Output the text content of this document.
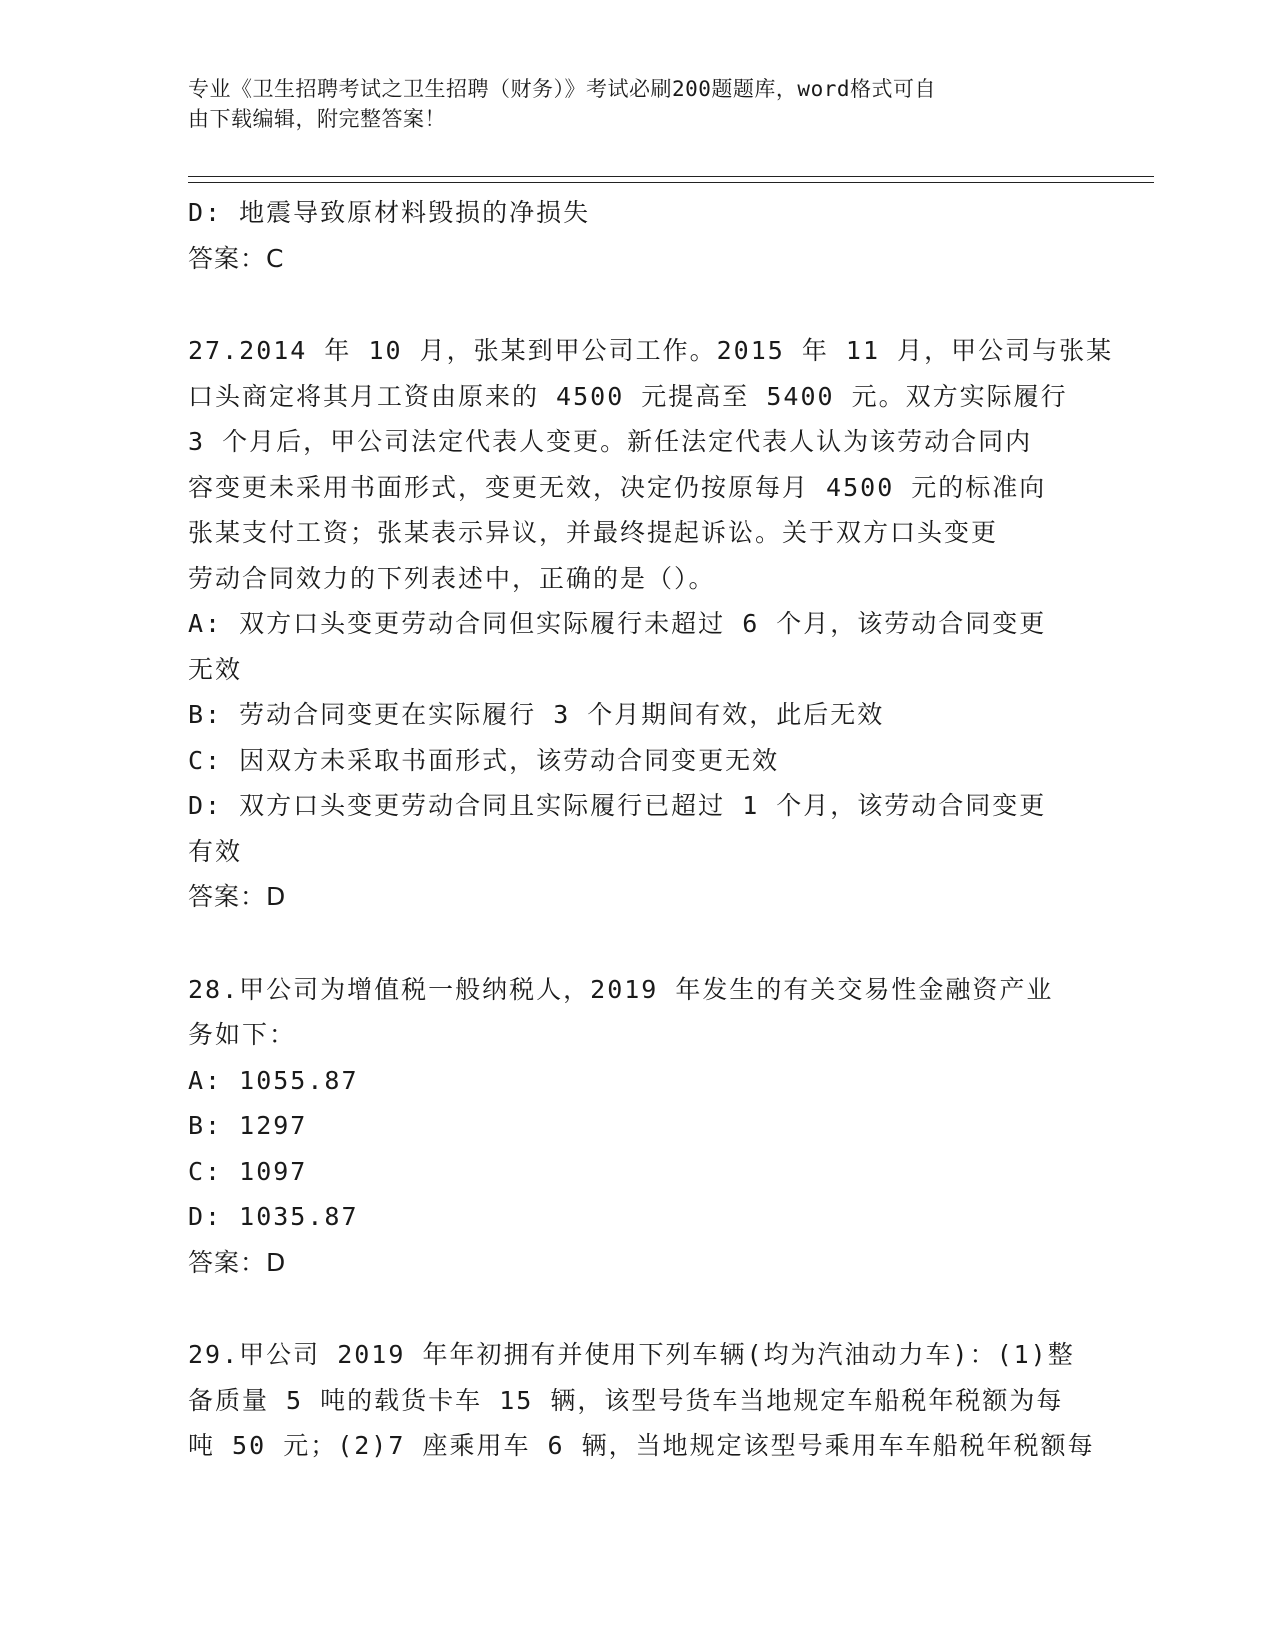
专业《卫生招聘考试之卫生招聘（财务）》考试必刷200题题库，word格式可自
由下载编辑，附完整答案！
D: 地震导致原材料毁损的净损失
答案：C
27.2014 年 10 月，张某到甲公司工作。2015 年 11 月，甲公司与张某
口头商定将其月工资由原来的 4500 元提高至 5400 元。双方实际履行
3 个月后，甲公司法定代表人变更。新任法定代表人认为该劳动合同内
容变更未采用书面形式，变更无效，决定仍按原每月 4500 元的标准向
张某支付工资；张某表示异议，并最终提起诉讼。关于双方口头变更
劳动合同效力的下列表述中，正确的是（）。
A: 双方口头变更劳动合同但实际履行未超过 6 个月，该劳动合同变更
无效
B: 劳动合同变更在实际履行 3 个月期间有效，此后无效
C: 因双方未采取书面形式，该劳动合同变更无效
D: 双方口头变更劳动合同且实际履行已超过 1 个月，该劳动合同变更
有效
答案：D
28.甲公司为增值税一般纳税人，2019 年发生的有关交易性金融资产业
务如下：
A: 1055.87
B: 1297
C: 1097
D: 1035.87
答案：D
29.甲公司 2019 年年初拥有并使用下列车辆(均为汽油动力车)：(1)整
备质量 5 吨的载货卡车 15 辆，该型号货车当地规定车船税年税额为每
吨 50 元；(2)7 座乘用车 6 辆，当地规定该型号乘用车车船税年税额每
